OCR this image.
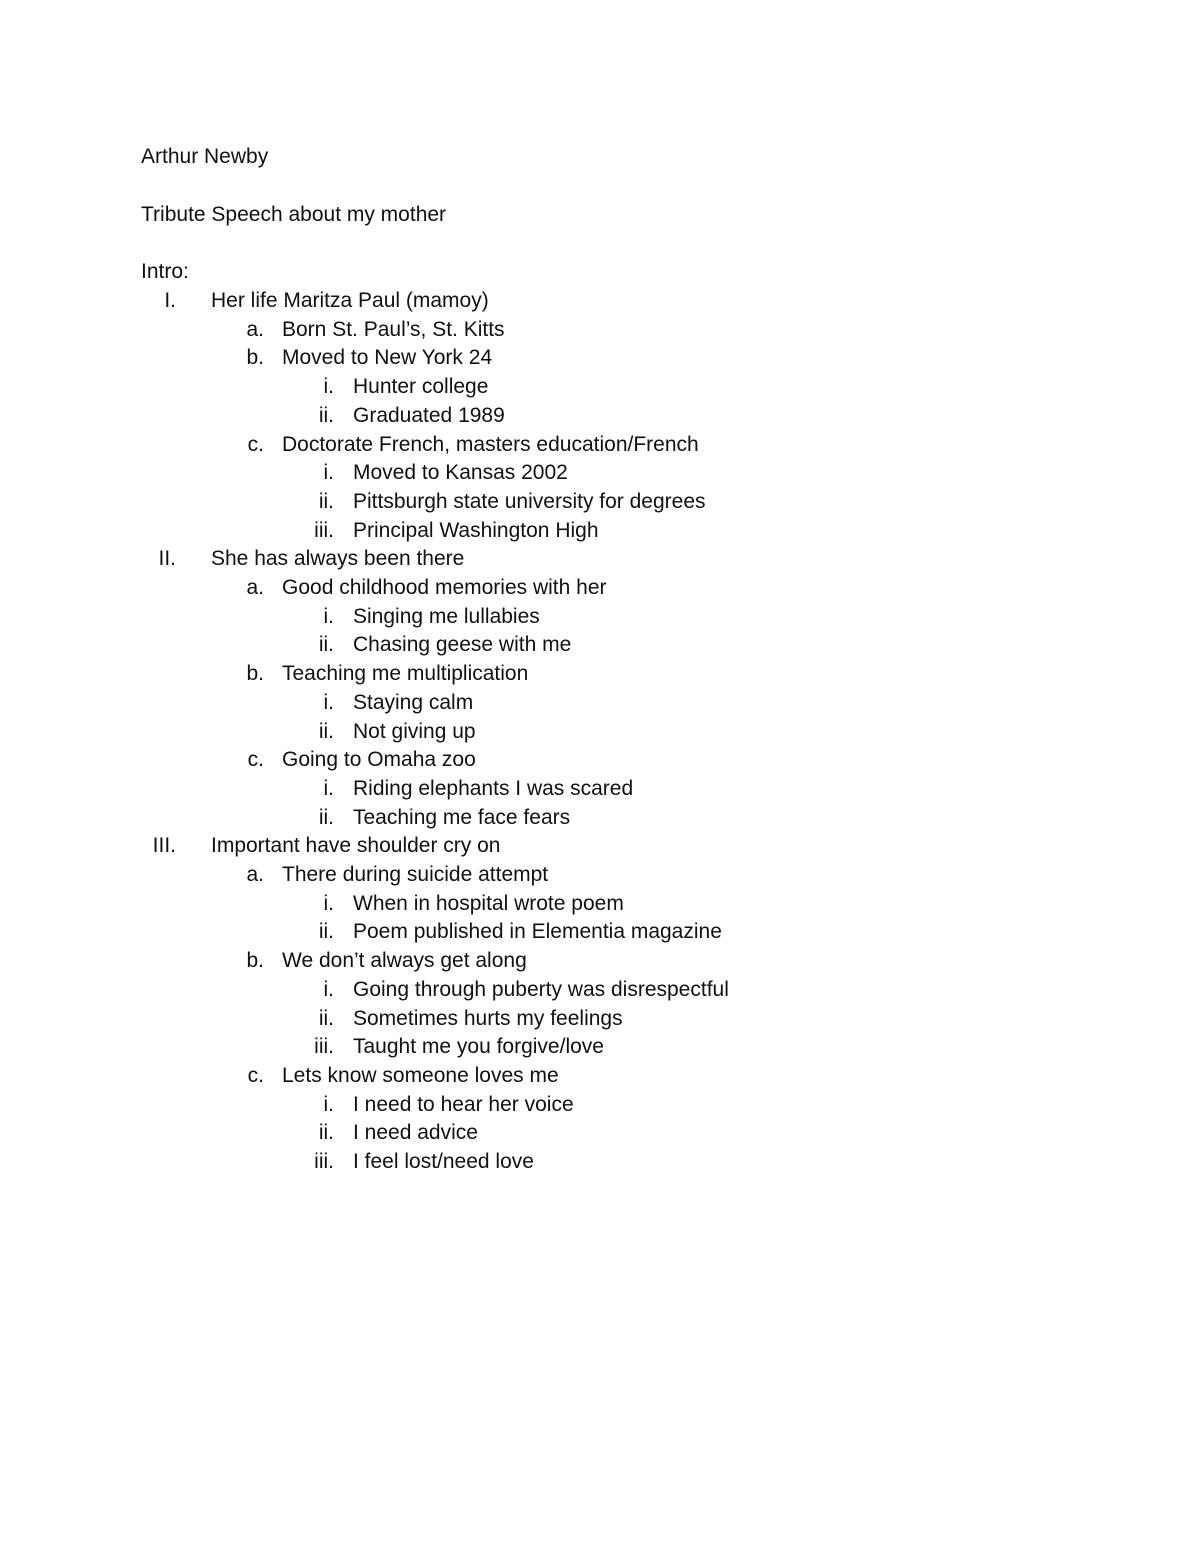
Arthur Newby
Tribute Speech about my mother
Intro:
I. Her life Maritza Paul (mamoy)
a. Born St. Paul’s, St. Kitts
b. Moved to New York 24
i. Hunter college
ii. Graduated 1989
c. Doctorate French, masters education/French
i. Moved to Kansas 2002
ii. Pittsburgh state university for degrees
iii. Principal Washington High
II. She has always been there
a. Good childhood memories with her
i. Singing me lullabies
ii. Chasing geese with me
b. Teaching me multiplication
i. Staying calm
ii. Not giving up
c. Going to Omaha zoo
i. Riding elephants I was scared
ii. Teaching me face fears
III. Important have shoulder cry on
a. There during suicide attempt
i. When in hospital wrote poem
ii. Poem published in Elementia magazine
b. We don’t always get along
i. Going through puberty was disrespectful
ii. Sometimes hurts my feelings
iii. Taught me you forgive/love
c. Lets know someone loves me
i. I need to hear her voice
ii. I need advice
iii. I feel lost/need love
